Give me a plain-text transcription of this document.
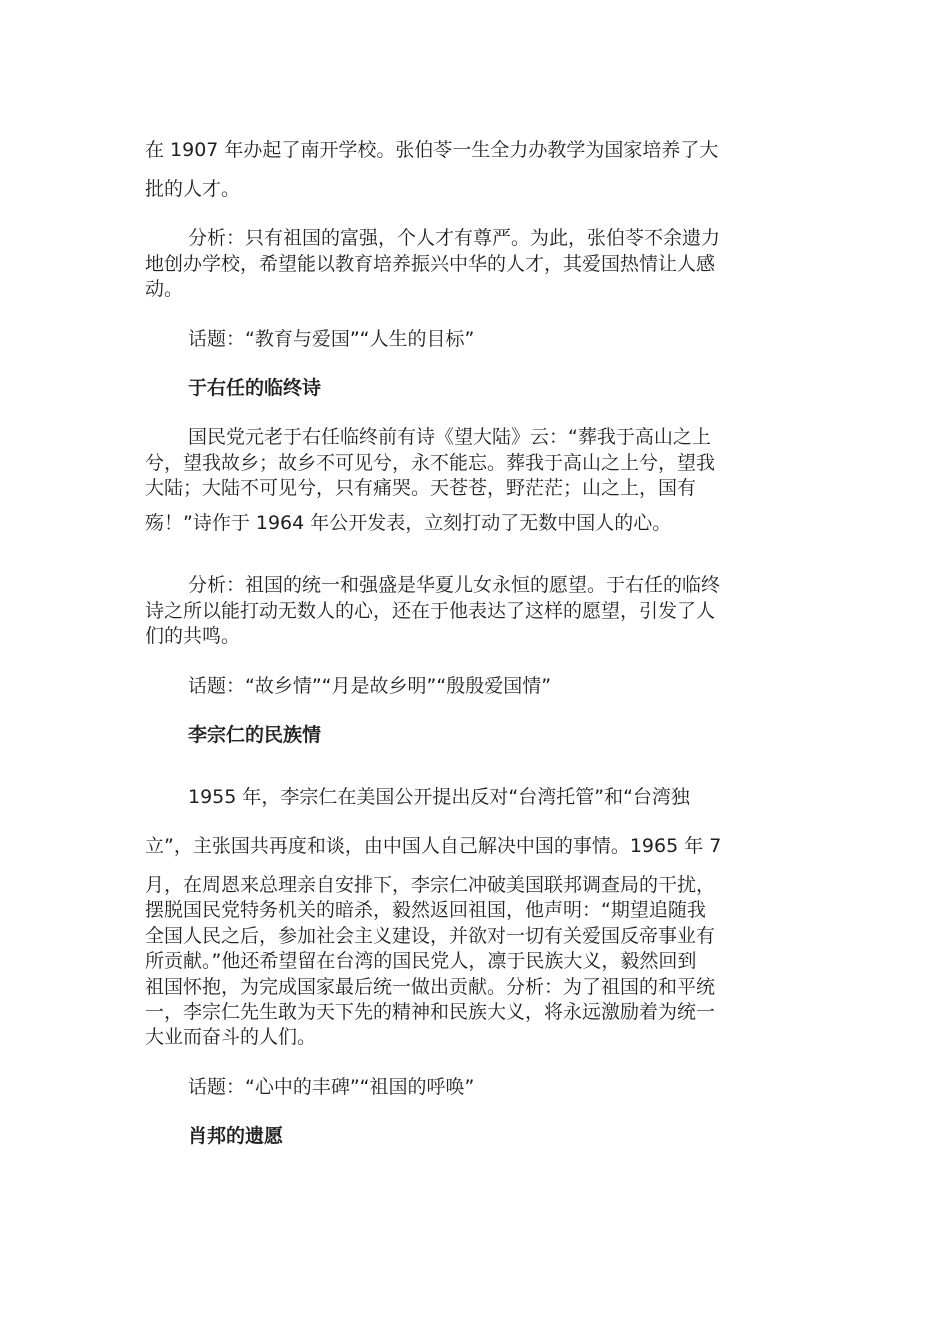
在 1907 年办起了南开学校。张伯苓一生全力办教学为国家培养了大
批的人才。
分析：只有祖国的富强，个人才有尊严。为此，张伯苓不余遗力
地创办学校，希望能以教育培养振兴中华的人才，其爱国热情让人感
动。
话题：“教育与爱国”“人生的目标”
于右任的临终诗
国民党元老于右任临终前有诗《望大陆》云：“葬我于高山之上
兮，望我故乡；故乡不可见兮，永不能忘。葬我于高山之上兮，望我
大陆；大陆不可见兮，只有痛哭。天苍苍，野茫茫；山之上，国有
殇！”诗作于 1964 年公开发表，立刻打动了无数中国人的心。
分析：祖国的统一和强盛是华夏儿女永恒的愿望。于右任的临终
诗之所以能打动无数人的心，还在于他表达了这样的愿望，引发了人
们的共鸣。
话题：“故乡情”“月是故乡明”“殷殷爱国情”
李宗仁的民族情
1955 年，李宗仁在美国公开提出反对“台湾托管”和“台湾独
立”，主张国共再度和谈，由中国人自己解决中国的事情。1965 年 7
月，在周恩来总理亲自安排下，李宗仁冲破美国联邦调查局的干扰，
摆脱国民党特务机关的暗杀，毅然返回祖国，他声明：“期望追随我
全国人民之后，参加社会主义建设，并欲对一切有关爱国反帝事业有
所贡献。”他还希望留在台湾的国民党人，凛于民族大义，毅然回到
祖国怀抱，为完成国家最后统一做出贡献。分析：为了祖国的和平统
一，李宗仁先生敢为天下先的精神和民族大义，将永远激励着为统一
大业而奋斗的人们。
话题：“心中的丰碑”“祖国的呼唤”
肖邦的遗愿
